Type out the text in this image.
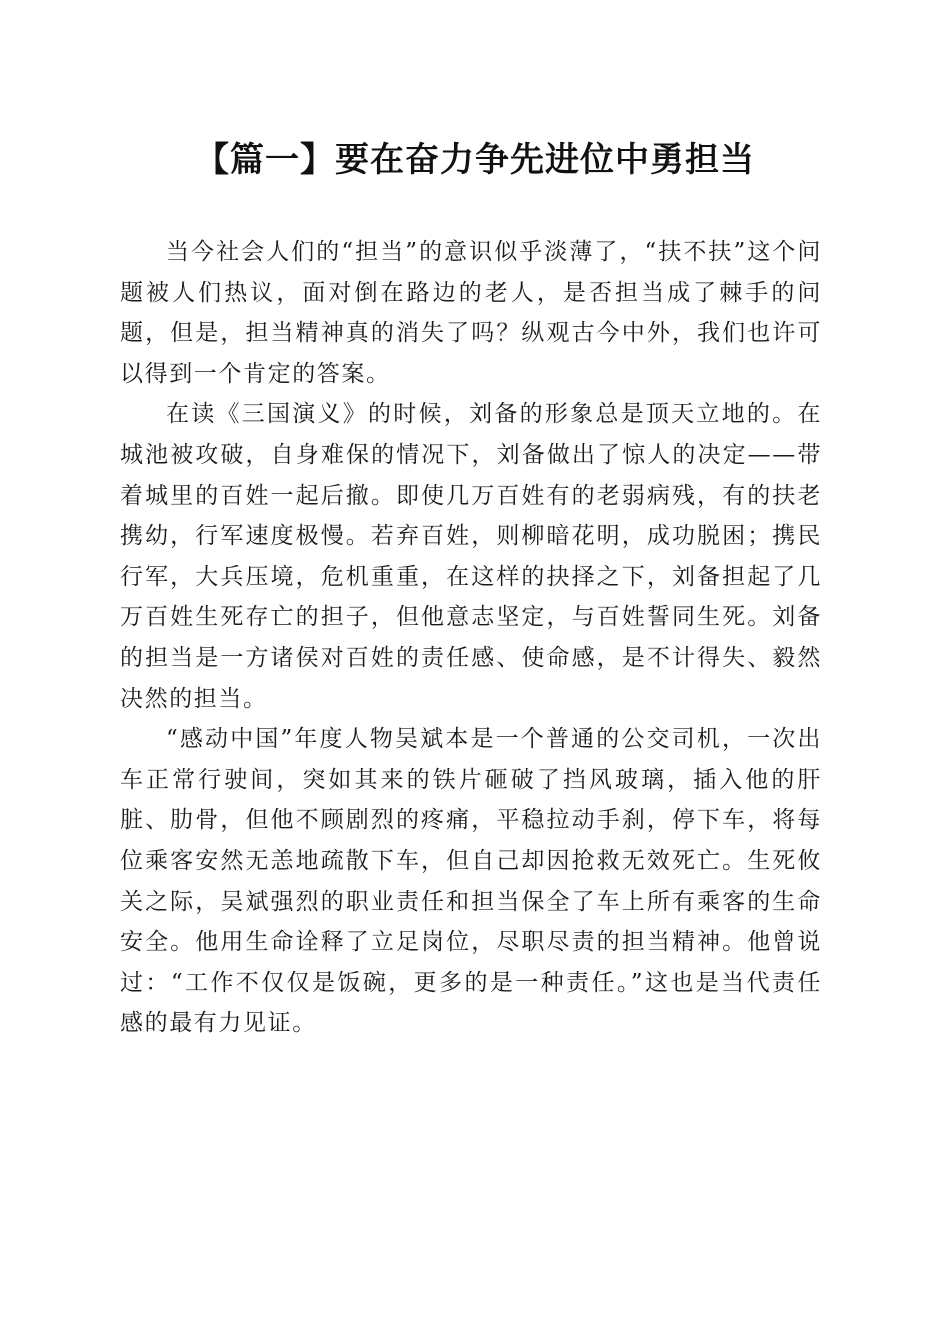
【篇一】要在奋力争先进位中勇担当

当今社会人们的“担当”的意识似乎淡薄了，“扶不扶”这个问题被人们热议，面对倒在路边的老人，是否担当成了棘手的问题，但是，担当精神真的消失了吗？纵观古今中外，我们也许可以得到一个肯定的答案。

在读《三国演义》的时候，刘备的形象总是顶天立地的。在城池被攻破，自身难保的情况下，刘备做出了惊人的决定——带着城里的百姓一起后撤。即使几万百姓有的老弱病残，有的扶老携幼，行军速度极慢。若弃百姓，则柳暗花明，成功脱困；携民行军，大兵压境，危机重重，在这样的抉择之下，刘备担起了几万百姓生死存亡的担子，但他意志坚定，与百姓誓同生死。刘备的担当是一方诸侯对百姓的责任感、使命感，是不计得失、毅然决然的担当。

“感动中国”年度人物吴斌本是一个普通的公交司机，一次出车正常行驶间，突如其来的铁片砸破了挡风玻璃，插入他的肝脏、肋骨，但他不顾剧烈的疼痛，平稳拉动手刹，停下车，将每位乘客安然无恙地疏散下车，但自己却因抢救无效死亡。生死攸关之际，吴斌强烈的职业责任和担当保全了车上所有乘客的生命安全。他用生命诠释了立足岗位，尽职尽责的担当精神。他曾说过：“工作不仅仅是饭碗，更多的是一种责任。”这也是当代责任感的最有力见证。
